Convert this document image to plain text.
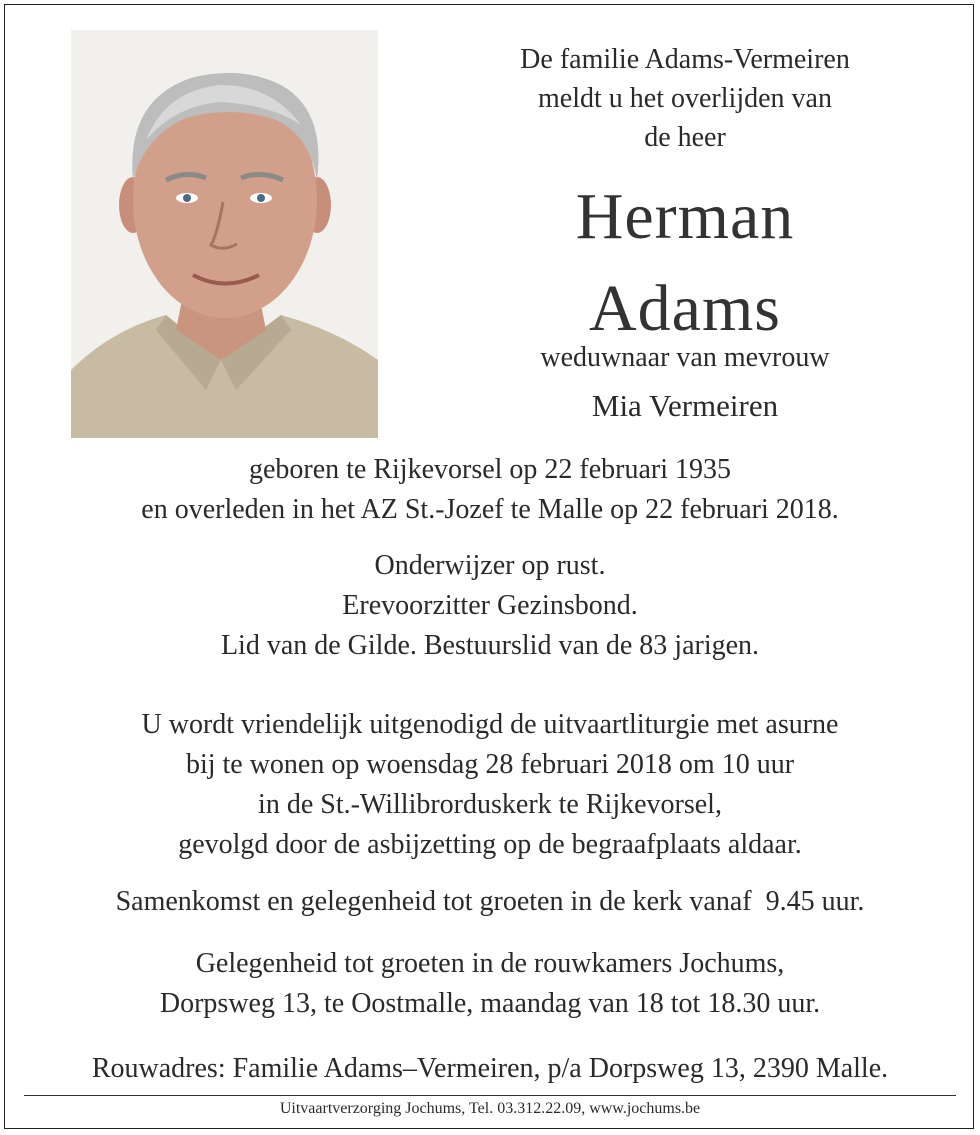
De familie Adams-Vermeiren
meldt u het overlijden van
de heer
Herman
Adams
weduwnaar van mevrouw
Mia Vermeiren
geboren te Rijkevorsel op 22 februari 1935
en overleden in het AZ St.-Jozef te Malle op 22 februari 2018.
Onderwijzer op rust.
Erevoorzitter Gezinsbond.
Lid van de Gilde. Bestuurslid van de 83 jarigen.
U wordt vriendelijk uitgenodigd de uitvaartliturgie met asurne
bij te wonen op woensdag 28 februari 2018 om 10 uur
in de St.-Willibrorduskerk te Rijkevorsel,
gevolgd door de asbijzetting op de begraafplaats aldaar.
Samenkomst en gelegenheid tot groeten in de kerk vanaf  9.45 uur.
Gelegenheid tot groeten in de rouwkamers Jochums,
Dorpsweg 13, te Oostmalle, maandag van 18 tot 18.30 uur.
Rouwadres: Familie Adams–Vermeiren, p/a Dorpsweg 13, 2390 Malle.
Uitvaartverzorging Jochums, Tel. 03.312.22.09, www.jochums.be
